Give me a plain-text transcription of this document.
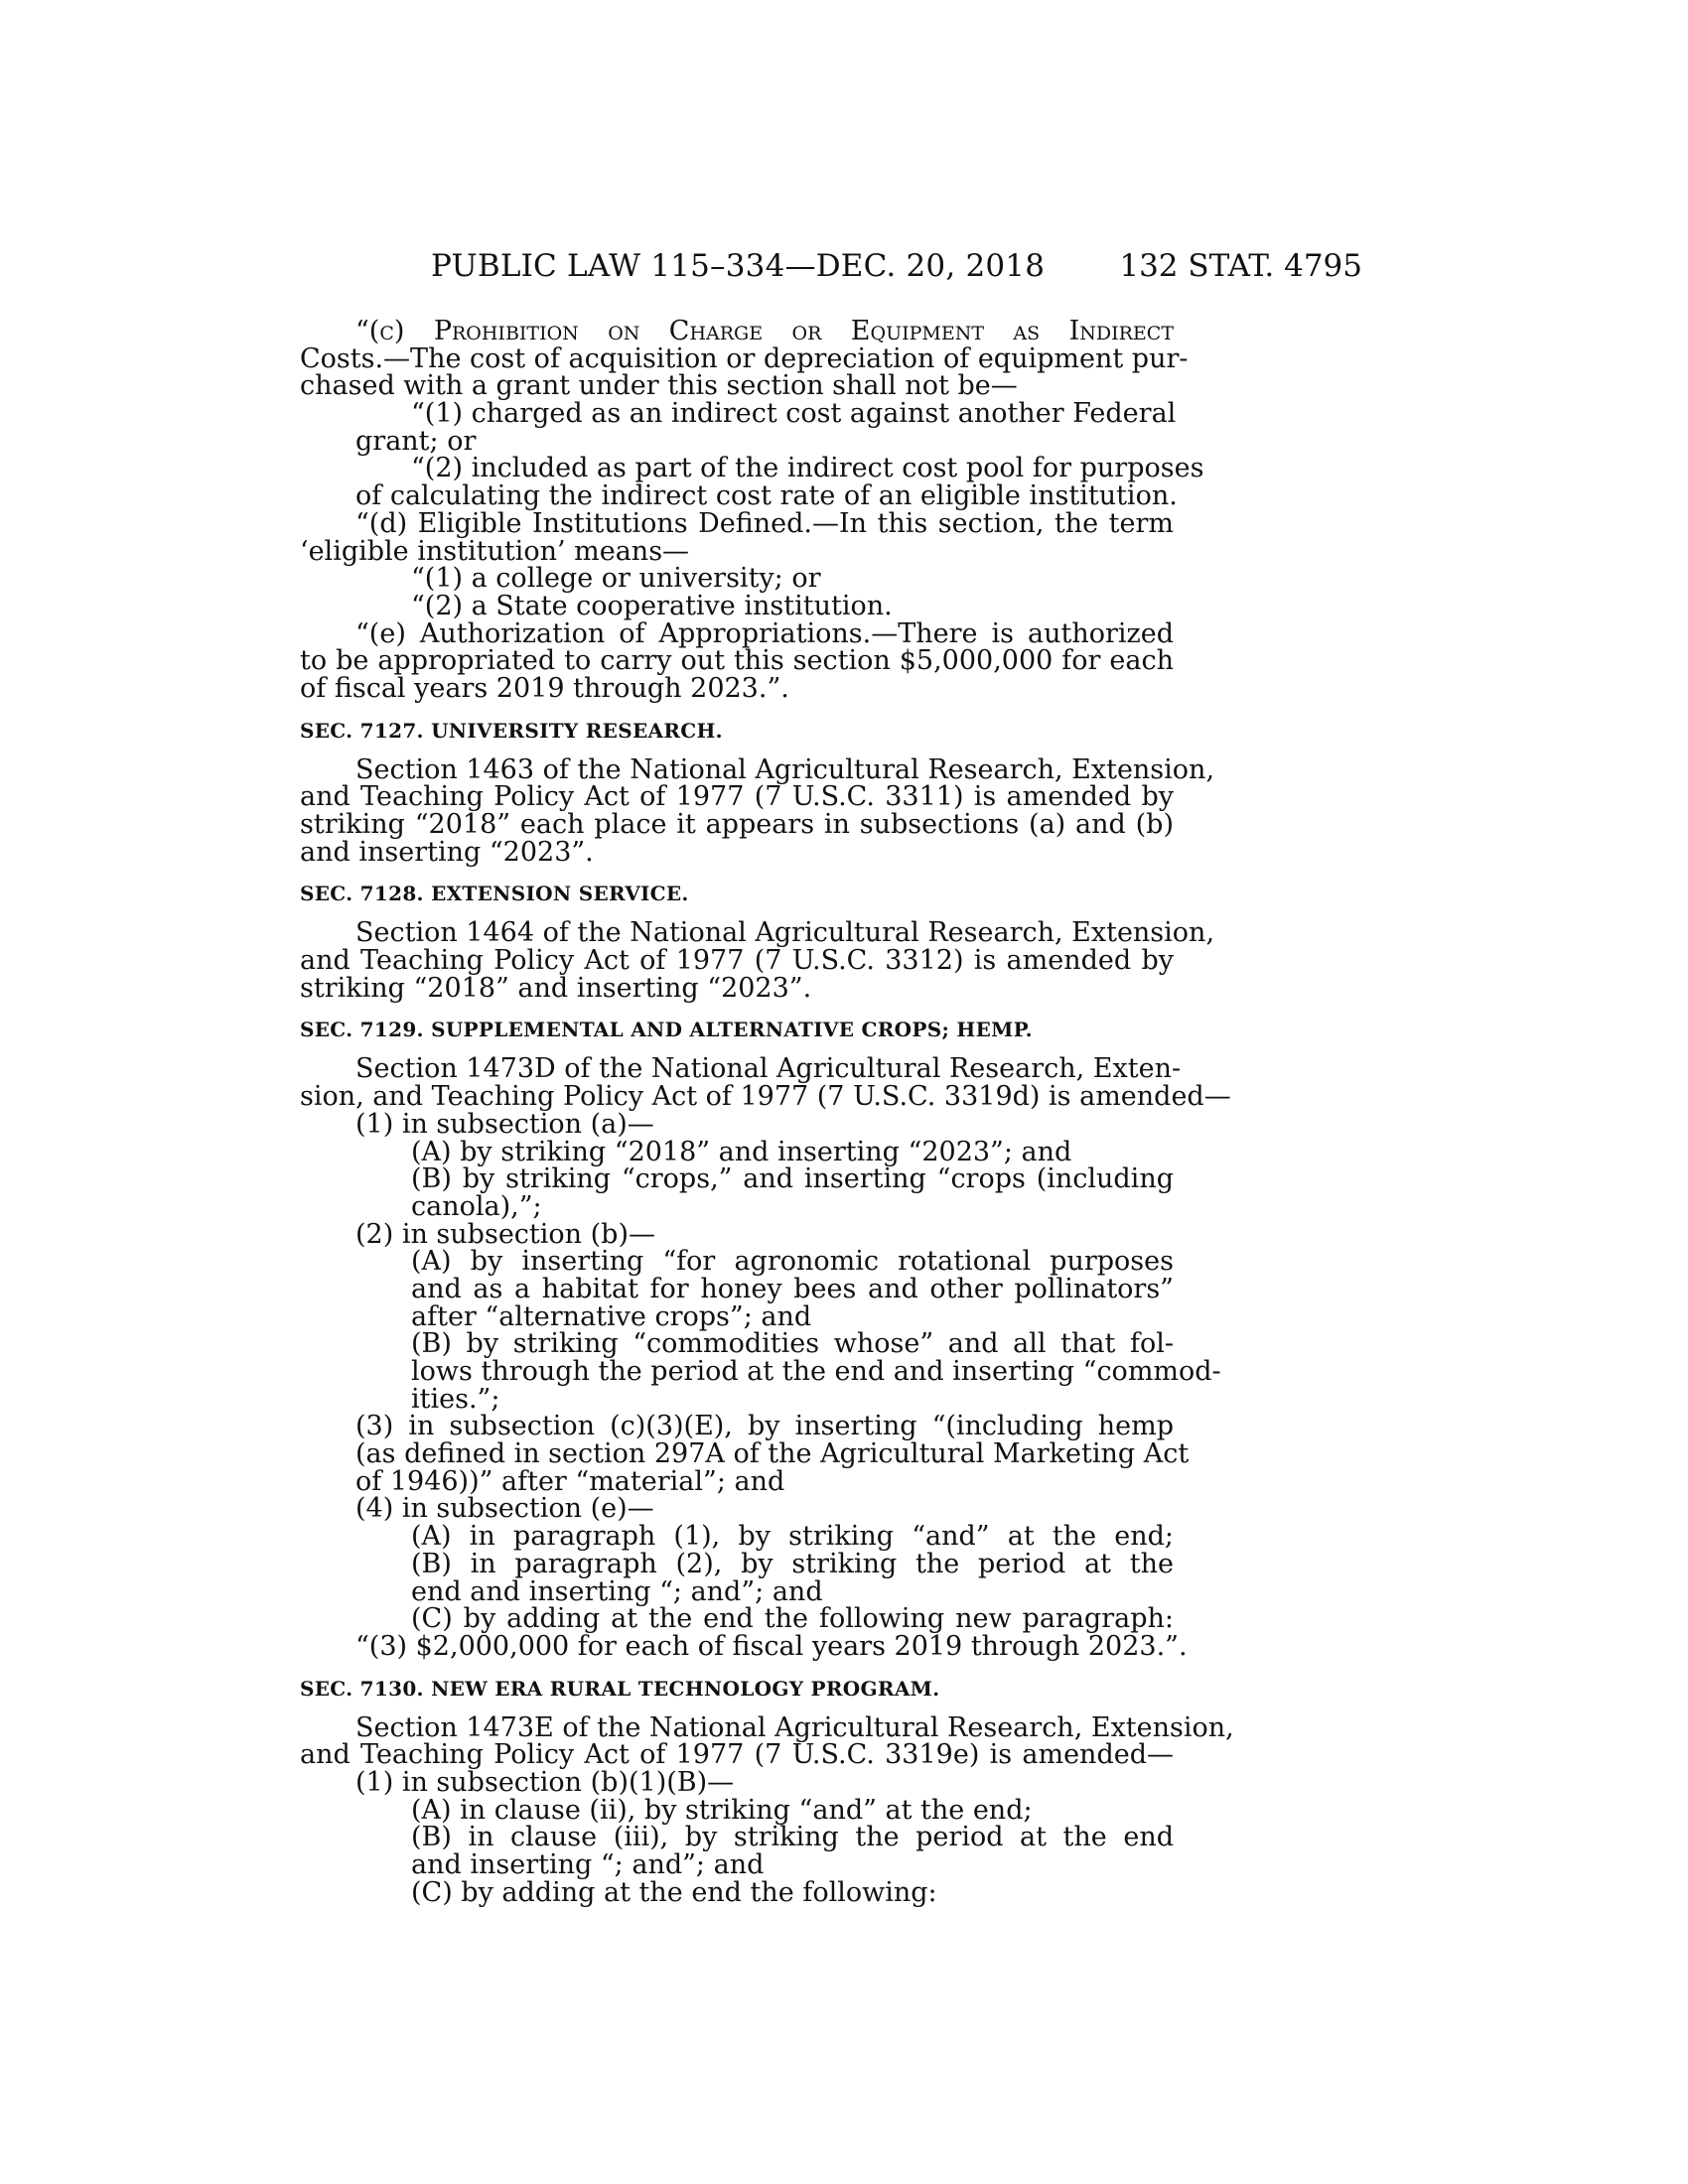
PUBLIC LAW 115–334—DEC. 20, 2018 132 STAT. 4795
“(c) Prohibition on Charge or Equipment as Indirect
Costs.—The cost of acquisition or depreciation of equipment pur-
chased with a grant under this section shall not be—
“(1) charged as an indirect cost against another Federal
grant; or
“(2) included as part of the indirect cost pool for purposes
of calculating the indirect cost rate of an eligible institution.
“(d) Eligible Institutions Defined.—In this section, the term
‘eligible institution’ means—
“(1) a college or university; or
“(2) a State cooperative institution.
“(e) Authorization of Appropriations.—There is authorized
to be appropriated to carry out this section $5,000,000 for each
of fiscal years 2019 through 2023.”.
SEC. 7127. UNIVERSITY RESEARCH.
Section 1463 of the National Agricultural Research, Extension,
and Teaching Policy Act of 1977 (7 U.S.C. 3311) is amended by
striking “2018” each place it appears in subsections (a) and (b)
and inserting “2023”.
SEC. 7128. EXTENSION SERVICE.
Section 1464 of the National Agricultural Research, Extension,
and Teaching Policy Act of 1977 (7 U.S.C. 3312) is amended by
striking “2018” and inserting “2023”.
SEC. 7129. SUPPLEMENTAL AND ALTERNATIVE CROPS; HEMP.
Section 1473D of the National Agricultural Research, Exten-
sion, and Teaching Policy Act of 1977 (7 U.S.C. 3319d) is amended—
(1) in subsection (a)—
(A) by striking “2018” and inserting “2023”; and
(B) by striking “crops,” and inserting “crops (including
canola),”;
(2) in subsection (b)—
(A) by inserting “for agronomic rotational purposes
and as a habitat for honey bees and other pollinators”
after “alternative crops”; and
(B) by striking “commodities whose” and all that fol-
lows through the period at the end and inserting “commod-
ities.”;
(3) in subsection (c)(3)(E), by inserting “(including hemp
(as defined in section 297A of the Agricultural Marketing Act
of 1946))” after “material”; and
(4) in subsection (e)—
(A) in paragraph (1), by striking “and” at the end;
(B) in paragraph (2), by striking the period at the
end and inserting “; and”; and
(C) by adding at the end the following new paragraph:
“(3) $2,000,000 for each of fiscal years 2019 through 2023.”.
SEC. 7130. NEW ERA RURAL TECHNOLOGY PROGRAM.
Section 1473E of the National Agricultural Research, Extension,
and Teaching Policy Act of 1977 (7 U.S.C. 3319e) is amended—
(1) in subsection (b)(1)(B)—
(A) in clause (ii), by striking “and” at the end;
(B) in clause (iii), by striking the period at the end
and inserting “; and”; and
(C) by adding at the end the following:
